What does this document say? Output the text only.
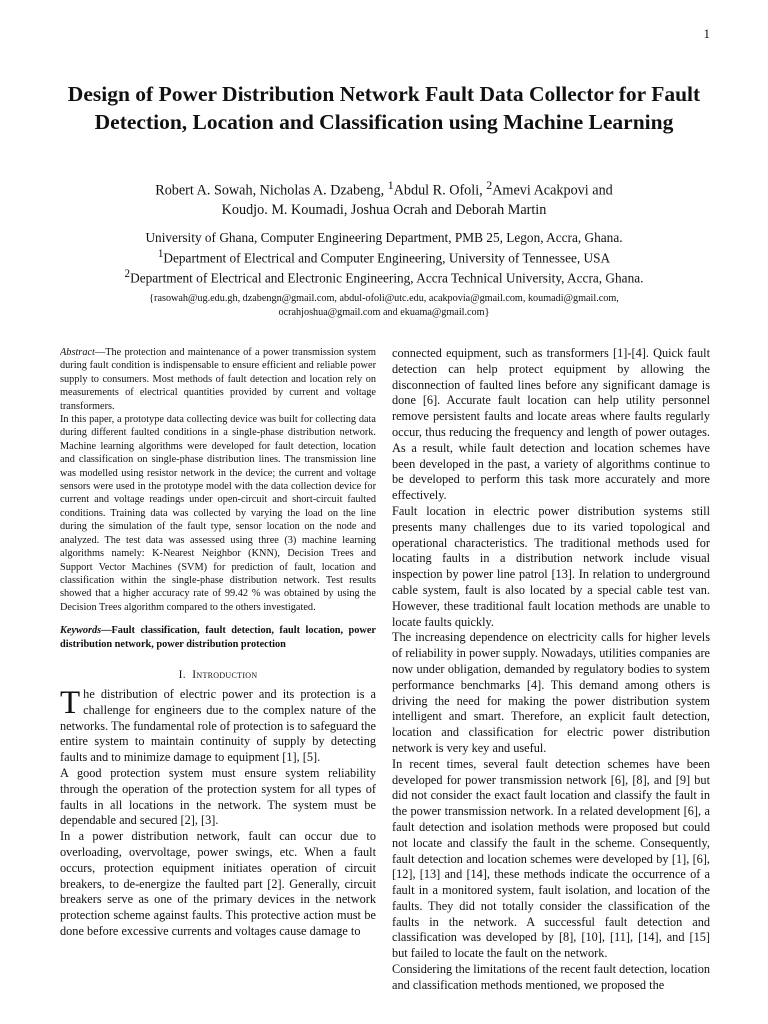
1
Design of Power Distribution Network Fault Data Collector for Fault Detection, Location and Classification using Machine Learning
Robert A. Sowah, Nicholas A. Dzabeng, $^1$Abdul R. Ofoli, $^2$Amevi Acakpovi and
Koudjo. M. Koumadi, Joshua Ocrah and Deborah Martin
University of Ghana, Computer Engineering Department, PMB 25, Legon, Accra, Ghana.
$^1$Department of Electrical and Computer Engineering, University of Tennessee, USA
$^2$Department of Electrical and Electronic Engineering, Accra Technical University, Accra, Ghana.
{rasowah@ug.edu.gh, dzabengn@gmail.com, abdul-ofoli@utc.edu, acakpovia@gmail.com, koumadi@gmail.com,
ocrahjoshua@gmail.com and ekuama@gmail.com}

Abstract—The protection and maintenance of a power transmission system during fault condition is indispensable to ensure efficient and reliable power supply to consumers. Most methods of fault detection and location rely on measurements of electrical quantities provided by current and voltage transformers.

In this paper, a prototype data collecting device was built for collecting data during different faulted conditions in a single-phase distribution network. Machine learning algorithms were developed for fault detection, location and classification on single-phase distribution lines. The transmission line was modelled using resistor network in the device; the current and voltage sensors were used in the prototype model with the data collection device for current and voltage readings under open-circuit and short-circuit faulted conditions. Training data was collected by varying the load on the line during the simulation of the fault type, sensor location on the node and analyzed. The test data was assessed using three (3) machine learning algorithms namely: K-Nearest Neighbor (KNN), Decision Trees and Support Vector Machines (SVM) for prediction of fault, location and classification within the single-phase distribution network. Test results showed that a higher accuracy rate of 99.42 % was obtained by using the Decision Trees algorithm compared to the others investigated.

Keywords—Fault classification, fault detection, fault location, power distribution network, power distribution protection

I. Introduction

The distribution of electric power and its protection is a challenge for engineers due to the complex nature of the networks. The fundamental role of protection is to safeguard the entire system to maintain continuity of supply by detecting faults and to minimize damage to equipment [1], [5].

A good protection system must ensure system reliability through the operation of the protection system for all types of faults in all locations in the network. The system must be dependable and secured [2], [3].

In a power distribution network, fault can occur due to overloading, overvoltage, power swings, etc. When a fault occurs, protection equipment initiates operation of circuit breakers, to de-energize the faulted part [2]. Generally, circuit breakers serve as one of the primary devices in the network protection scheme against faults. This protective action must be done before excessive currents and voltages cause damage to

connected equipment, such as transformers [1]-[4]. Quick fault detection can help protect equipment by allowing the disconnection of faulted lines before any significant damage is done [6]. Accurate fault location can help utility personnel remove persistent faults and locate areas where faults regularly occur, thus reducing the frequency and length of power outages. As a result, while fault detection and location schemes have been developed in the past, a variety of algorithms continue to be developed to perform this task more accurately and more effectively.

Fault location in electric power distribution systems still presents many challenges due to its varied topological and operational characteristics. The traditional methods used for locating faults in a distribution network include visual inspection by power line patrol [13]. In relation to underground cable system, fault is also located by a special cable test van. However, these traditional fault location methods are unable to locate faults quickly.

The increasing dependence on electricity calls for higher levels of reliability in power supply. Nowadays, utilities companies are now under obligation, demanded by regulatory bodies to system performance benchmarks [4]. This demand among others is driving the need for making the power distribution system intelligent and smart. Therefore, an explicit fault detection, location and classification for electric power distribution network is very key and useful.

In recent times, several fault detection schemes have been developed for power transmission network [6], [8], and [9] but did not consider the exact fault location and classify the fault in the power transmission network. In a related development [6], a fault detection and isolation methods were proposed but could not locate and classify the fault in the scheme. Consequently, fault detection and location schemes were developed by [1], [6], [12], [13] and [14], these methods indicate the occurrence of a fault in a monitored system, fault isolation, and location of the faults. They did not totally consider the classification of the faults in the network. A successful fault detection and classification was developed by [8], [10], [11], [14], and [15] but failed to locate the fault on the network.

Considering the limitations of the recent fault detection, location and classification methods mentioned, we proposed the
